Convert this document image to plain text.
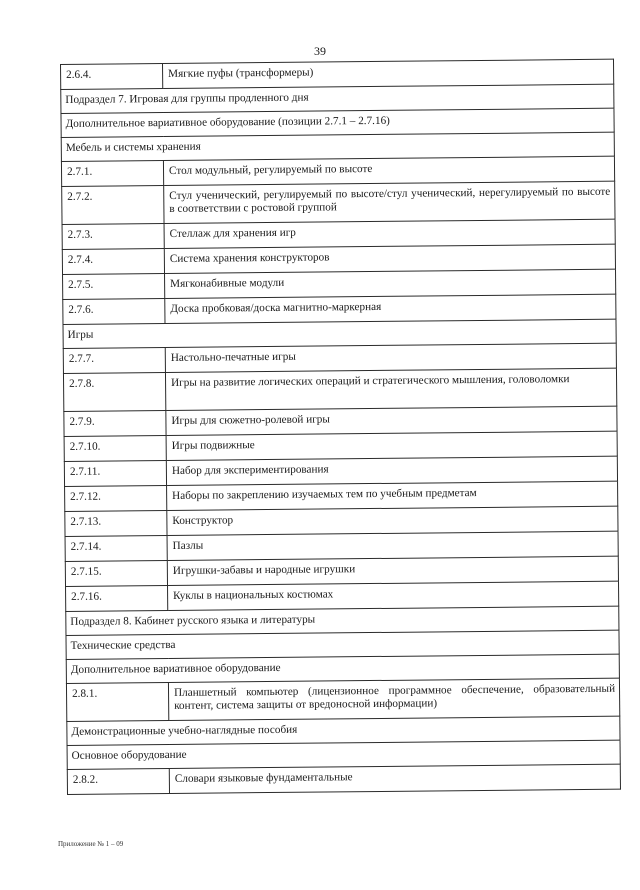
39
2.6.4.	Мягкие пуфы (трансформеры)
Подраздел 7. Игровая для группы продленного дня	
Дополнительное вариативное оборудование (позиции 2.7.1 – 2.7.16)	
Мебель и системы хранения	
2.7.1.	Стол модульный, регулируемый по высоте
2.7.2.	Стул ученический, регулируемый по высоте/стул ученический, нерегулируемый по высоте в соответствии с ростовой группой
2.7.3.	Стеллаж для хранения игр
2.7.4.	Система хранения конструкторов
2.7.5.	Мягконабивные модули
2.7.6.	Доска пробковая/доска магнитно-маркерная
Игры	
2.7.7.	Настольно-печатные игры
2.7.8.	Игры на развитие логических операций и стратегического мышления, головоломки
2.7.9.	Игры для сюжетно-ролевой игры
2.7.10.	Игры подвижные
2.7.11.	Набор для экспериментирования
2.7.12.	Наборы по закреплению изучаемых тем по учебным предметам
2.7.13.	Конструктор
2.7.14.	Пазлы
2.7.15.	Игрушки-забавы и народные игрушки
2.7.16.	Куклы в национальных костюмах
Подраздел 8. Кабинет русского языка и литературы	
Технические средства	
Дополнительное вариативное оборудование	
2.8.1.	Планшетный компьютер (лицензионное программное обеспечение, образовательный контент, система защиты от вредоносной информации)
Демонстрационные учебно-наглядные пособия	
Основное оборудование	
2.8.2.	Словари языковые фундаментальные
Приложение № 1 – 09
